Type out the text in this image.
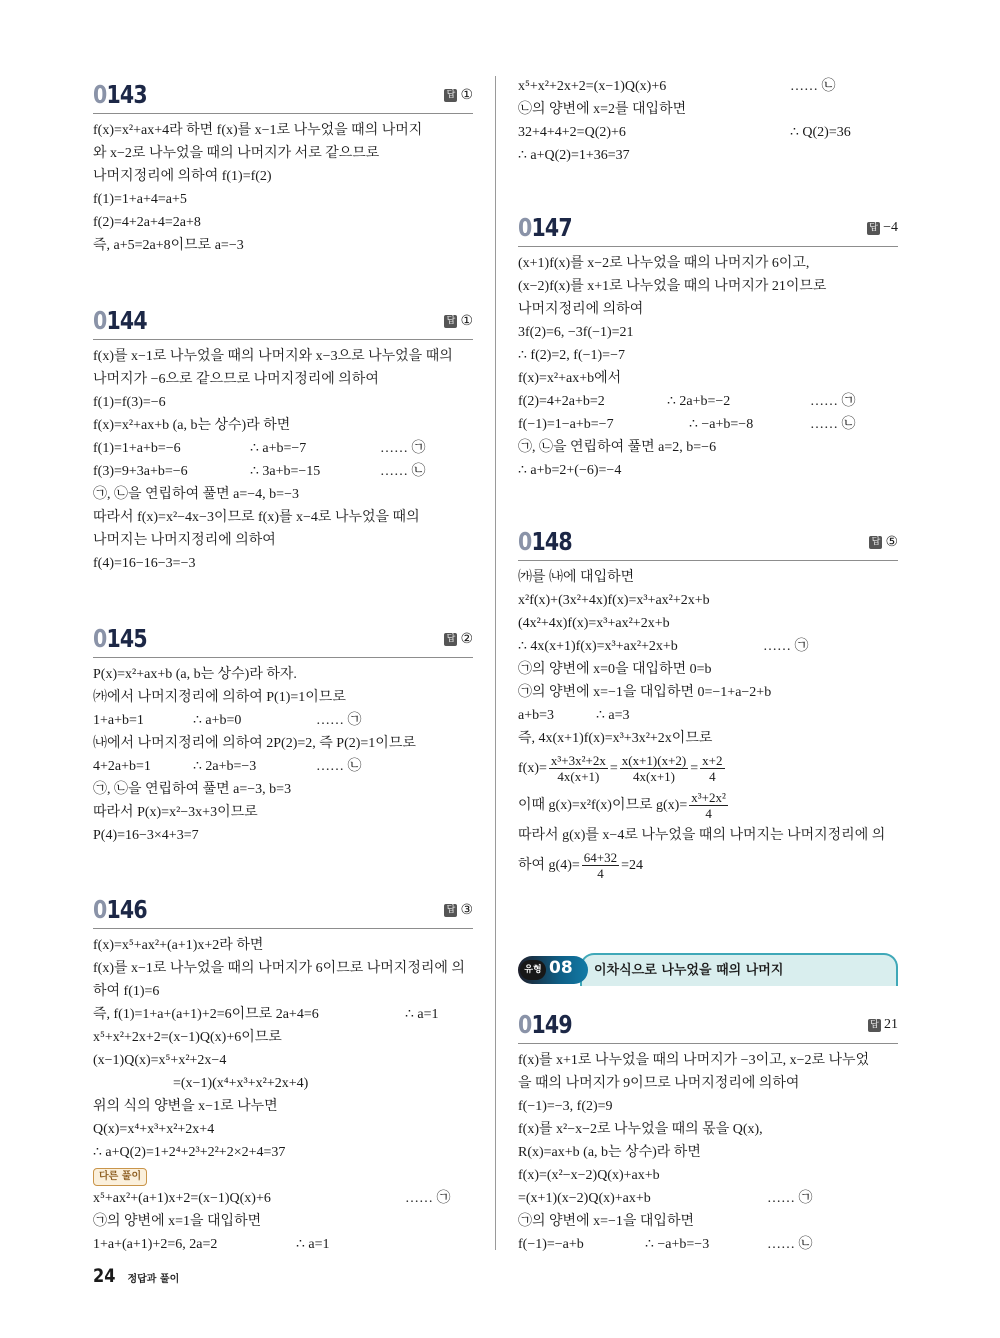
0143	답 ①
f(x)=x²+ax+4라 하면 f(x)를 x−1로 나누었을 때의 나머지
와 x−2로 나누었을 때의 나머지가 서로 같으므로
나머지정리에 의하여 f(1)=f(2)
f(1)=1+a+4=a+5
f(2)=4+2a+4=2a+8
즉, a+5=2a+8이므로 a=−3
0144	답 ①
f(x)를 x−1로 나누었을 때의 나머지와 x−3으로 나누었을 때의
나머지가 −6으로 같으므로 나머지정리에 의하여
f(1)=f(3)=−6
f(x)=x²+ax+b (a, b는 상수)라 하면
f(1)=1+a+b=−6	∴ a+b=−7	…… ㉠
f(3)=9+3a+b=−6	∴ 3a+b=−15	…… ㉡
㉠, ㉡을 연립하여 풀면 a=−4, b=−3
따라서 f(x)=x²−4x−3이므로 f(x)를 x−4로 나누었을 때의
나머지는 나머지정리에 의하여
f(4)=16−16−3=−3
0145	답 ②
P(x)=x²+ax+b (a, b는 상수)라 하자.
㈎에서 나머지정리에 의하여 P(1)=1이므로
1+a+b=1	∴ a+b=0	…… ㉠
㈏에서 나머지정리에 의하여 2P(2)=2, 즉 P(2)=1이므로
4+2a+b=1	∴ 2a+b=−3	…… ㉡
㉠, ㉡을 연립하여 풀면 a=−3, b=3
따라서 P(x)=x²−3x+3이므로
P(4)=16−3×4+3=7
0146	답 ③
f(x)=x⁵+ax²+(a+1)x+2라 하면
f(x)를 x−1로 나누었을 때의 나머지가 6이므로 나머지정리에 의
하여 f(1)=6
즉, f(1)=1+a+(a+1)+2=6이므로 2a+4=6	∴ a=1
x⁵+x²+2x+2=(x−1)Q(x)+6이므로
(x−1)Q(x)=x⁵+x²+2x−4
=(x−1)(x⁴+x³+x²+2x+4)
위의 식의 양변을 x−1로 나누면
Q(x)=x⁴+x³+x²+2x+4
∴ a+Q(2)=1+2⁴+2³+2²+2×2+4=37
다른 풀이
x⁵+ax²+(a+1)x+2=(x−1)Q(x)+6	…… ㉠
㉠의 양변에 x=1을 대입하면
1+a+(a+1)+2=6, 2a=2	∴ a=1
x⁵+x²+2x+2=(x−1)Q(x)+6	…… ㉡
㉡의 양변에 x=2를 대입하면
32+4+4+2=Q(2)+6	∴ Q(2)=36
∴ a+Q(2)=1+36=37
0147	답 −4
(x+1)f(x)를 x−2로 나누었을 때의 나머지가 6이고,
(x−2)f(x)를 x+1로 나누었을 때의 나머지가 21이므로
나머지정리에 의하여
3f(2)=6, −3f(−1)=21
∴ f(2)=2, f(−1)=−7
f(x)=x²+ax+b에서
f(2)=4+2a+b=2	∴ 2a+b=−2	…… ㉠
f(−1)=1−a+b=−7	∴ −a+b=−8	…… ㉡
㉠, ㉡을 연립하여 풀면 a=2, b=−6
∴ a+b=2+(−6)=−4
0148	답 ⑤
㈎를 ㈏에 대입하면
x²f(x)+(3x²+4x)f(x)=x³+ax²+2x+b
(4x²+4x)f(x)=x³+ax²+2x+b
∴ 4x(x+1)f(x)=x³+ax²+2x+b	…… ㉠
㉠의 양변에 x=0을 대입하면 0=b
㉠의 양변에 x=−1을 대입하면 0=−1+a−2+b
a+b=3	∴ a=3
즉, 4x(x+1)f(x)=x³+3x²+2x이므로
$f(x)= \frac{\text{x³+3x²+2x}}{4x(x+1)} = \frac{x(x+1)(x+2)}{4x(x+1)} = \frac{x+2}{4}$
이때 g(x)=x²f(x)이므로 $g(x)= \frac{\text{x³+2x²}}{4}$
따라서 g(x)를 x−4로 나누었을 때의 나머지는 나머지정리에 의
하여 $g(4)= \frac{64+32}{4} =24$
0149	답 21
f(x)를 x+1로 나누었을 때의 나머지가 −3이고, x−2로 나누었
을 때의 나머지가 9이므로 나머지정리에 의하여
f(−1)=−3, f(2)=9
f(x)를 x²−x−2로 나누었을 때의 몫을 Q(x),
R(x)=ax+b (a, b는 상수)라 하면
f(x)=(x²−x−2)Q(x)+ax+b
=(x+1)(x−2)Q(x)+ax+b	…… ㉠
㉠의 양변에 x=−1을 대입하면
f(−1)=−a+b	∴ −a+b=−3	…… ㉡
이차식으로 나누었을 때의 나머지
유형 08
24 정답과 풀이
